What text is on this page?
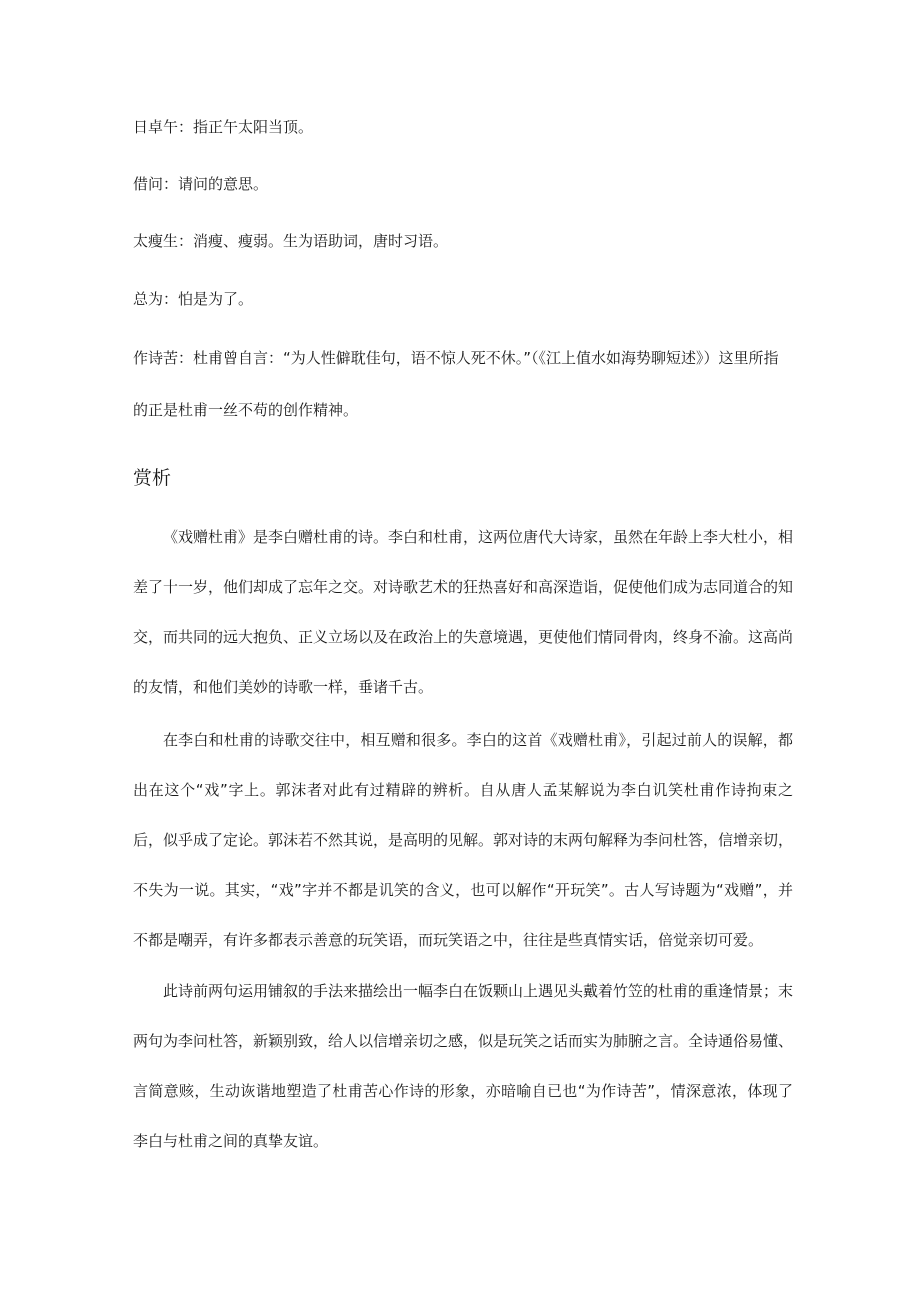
日卓午：指正午太阳当顶。

借问：请问的意思。

太瘦生：消瘦、瘦弱。生为语助词，唐时习语。

总为：怕是为了。

作诗苦：杜甫曾自言：“为人性僻耽佳句，语不惊人死不休。”（《江上值水如海势聊短述》）这里所指的正是杜甫一丝不苟的创作精神。

赏析

《戏赠杜甫》是李白赠杜甫的诗。李白和杜甫，这两位唐代大诗家，虽然在年龄上李大杜小，相差了十一岁，他们却成了忘年之交。对诗歌艺术的狂热喜好和高深造诣，促使他们成为志同道合的知交，而共同的远大抱负、正义立场以及在政治上的失意境遇，更使他们情同骨肉，终身不渝。这高尚的友情，和他们美妙的诗歌一样，垂诸千古。

在李白和杜甫的诗歌交往中，相互赠和很多。李白的这首《戏赠杜甫》，引起过前人的误解，都出在这个“戏”字上。郭沫者对此有过精辟的辨析。自从唐人孟某解说为李白讥笑杜甫作诗拘束之后，似乎成了定论。郭沫若不然其说，是高明的见解。郭对诗的末两句解释为李问杜答，信增亲切，不失为一说。其实，“戏”字并不都是讥笑的含义，也可以解作“开玩笑”。古人写诗题为“戏赠”，并不都是嘲弄，有许多都表示善意的玩笑语，而玩笑语之中，往往是些真情实话，倍觉亲切可爱。

此诗前两句运用铺叙的手法来描绘出一幅李白在饭颗山上遇见头戴着竹笠的杜甫的重逢情景；末两句为李问杜答，新颖别致，给人以信增亲切之感，似是玩笑之话而实为肺腑之言。全诗通俗易懂、言简意赅，生动诙谐地塑造了杜甫苦心作诗的形象，亦暗喻自已也“为作诗苦”，情深意浓，体现了李白与杜甫之间的真挚友谊。
